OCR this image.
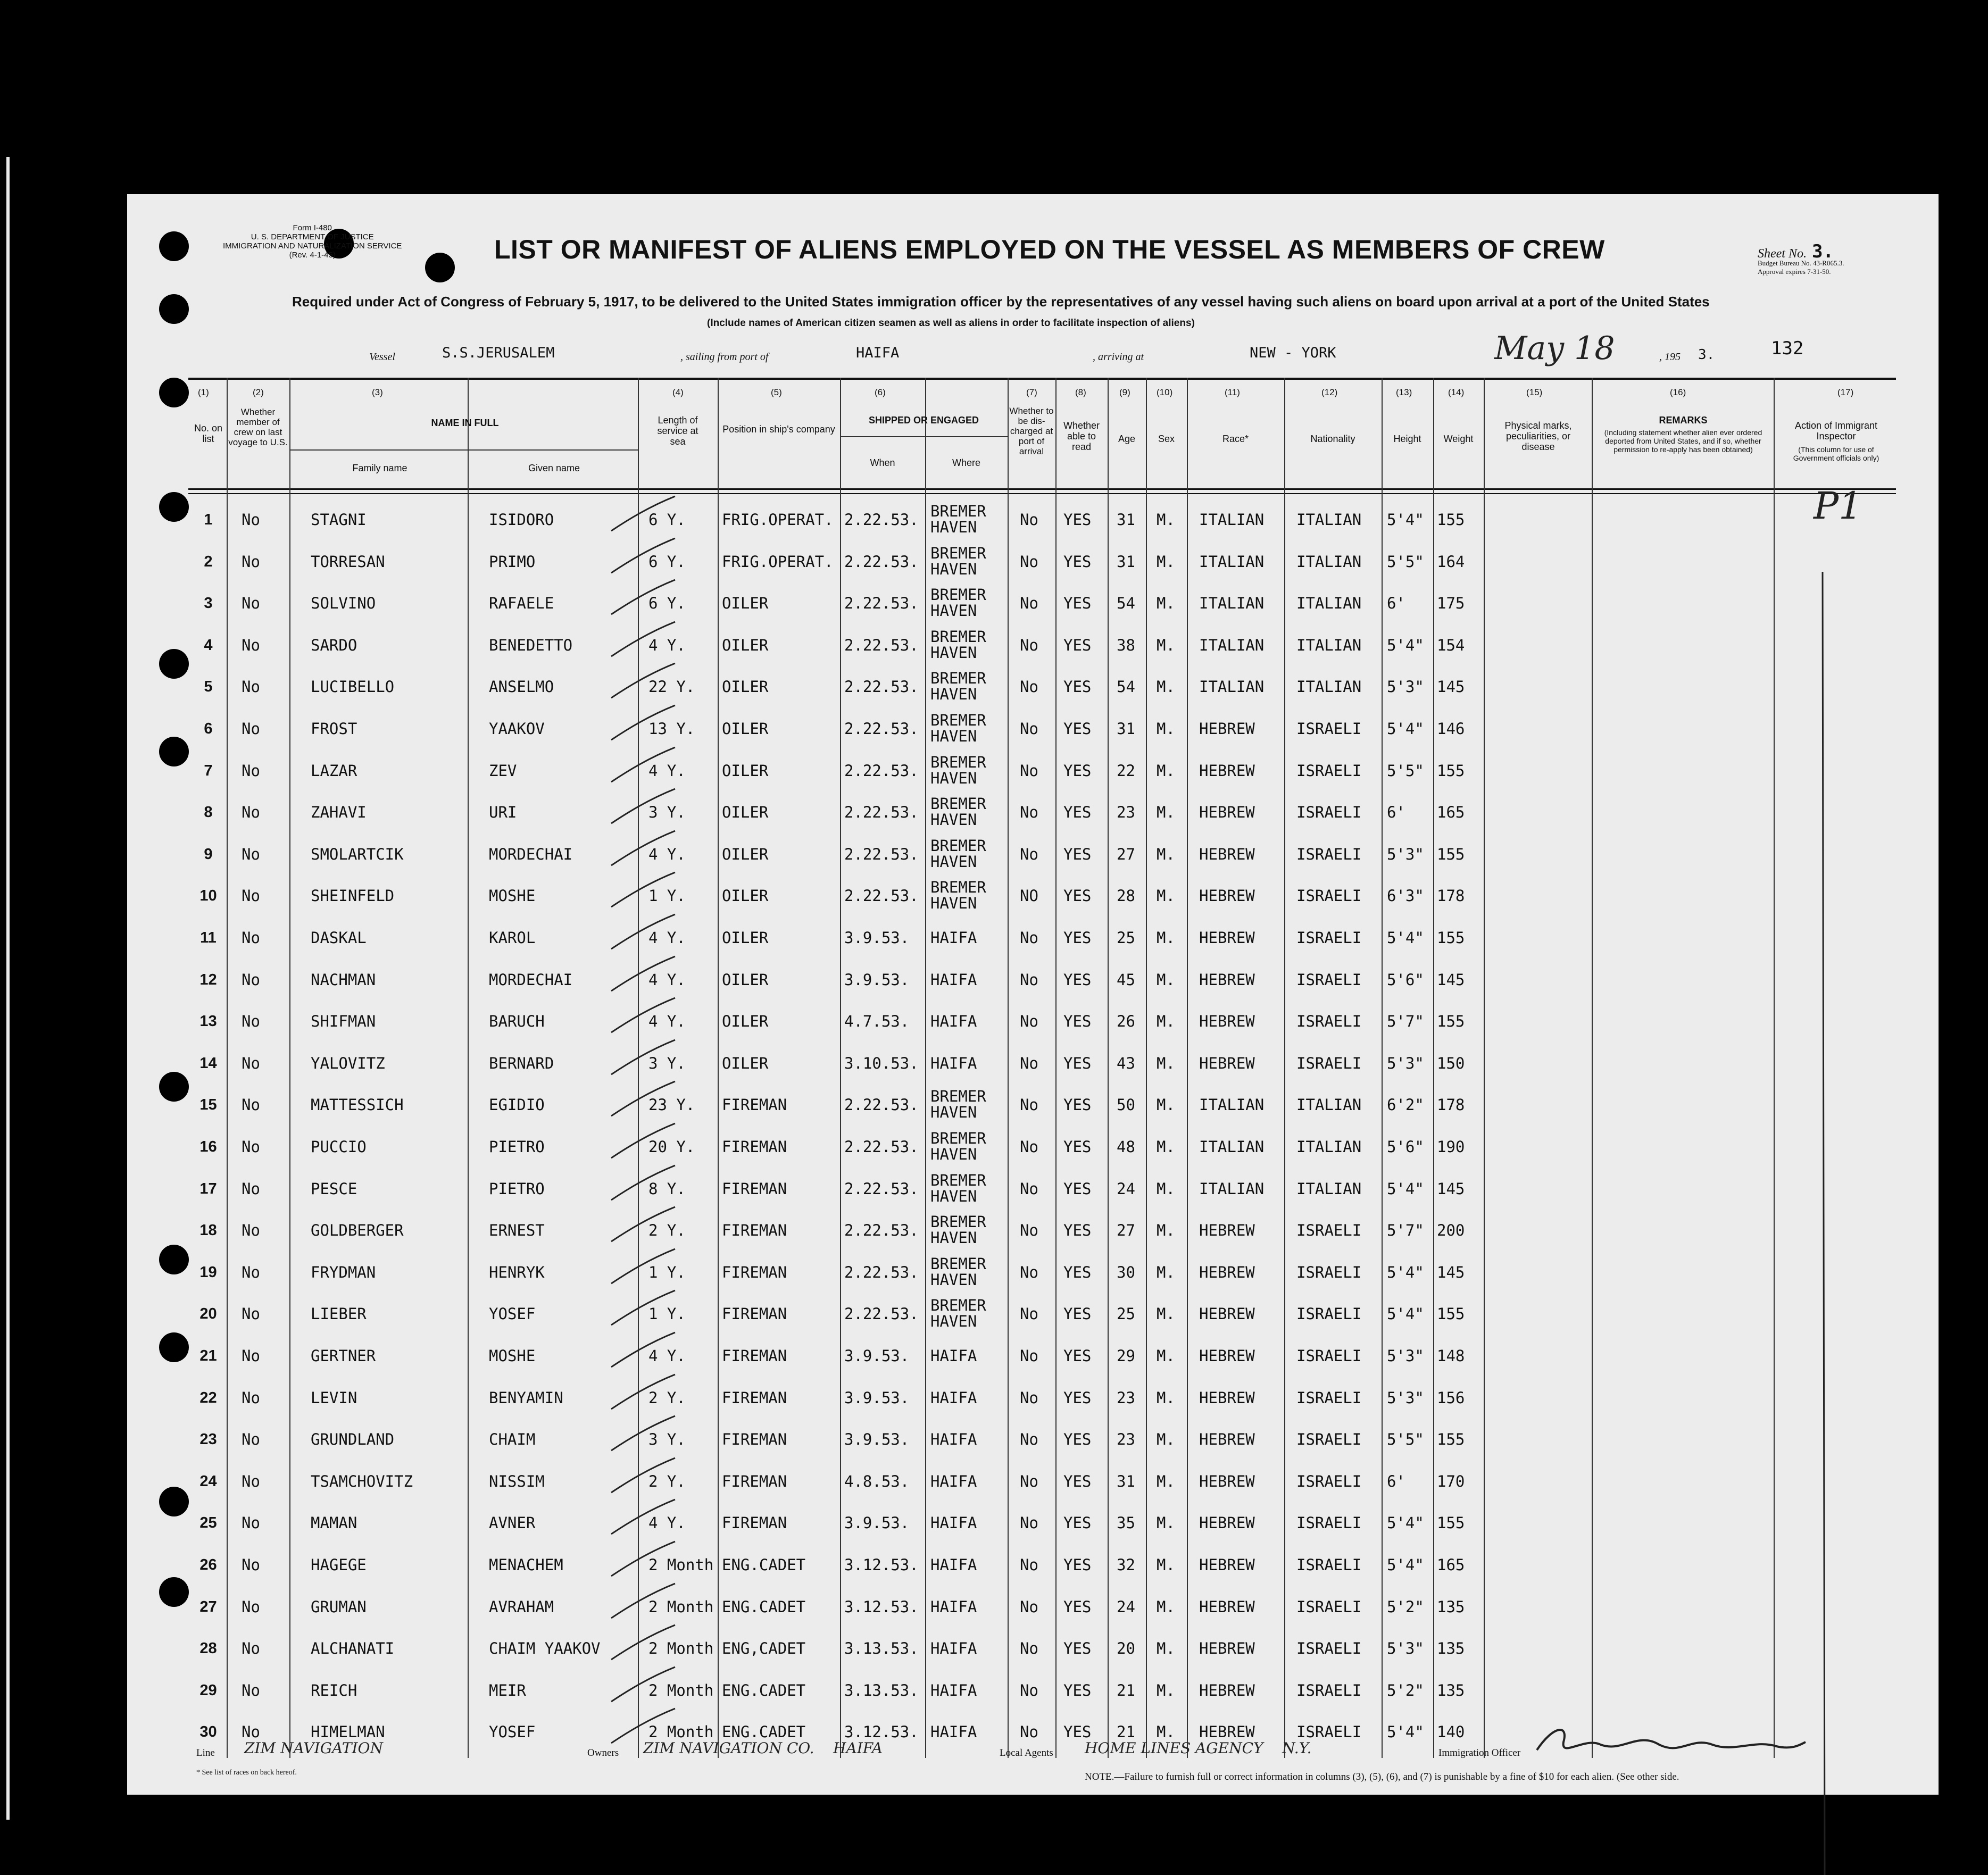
Form I-480
U. S. DEPARTMENT OF JUSTICE
IMMIGRATION AND NATURALIZATION SERVICE
(Rev. 4-1-45)	LIST OR MANIFEST OF ALIENS EMPLOYED ON THE VESSEL AS MEMBERS OF CREW	Sheet No. 3.
Budget Bureau No. 43-R065.3.
Approval expires 7-31-50.
Required under Act of Congress of February 5, 1917, to be delivered to the United States immigration officer by the representatives of any vessel having such aliens on board upon arrival at a port of the United States
(Include names of American citizen seamen as well as aliens in order to facilitate inspection of aliens)
Vessel	S.S.JERUSALEM	, sailing from port of	HAIFA	, arriving at	NEW - YORK	May 18	, 195 3.	132
(1)	(2)	(3)	(4)	(5)	(6)	(7)	(8)	(9)	(10)	(11)	(12)	(13)	(14)	(15)	(16)	(17)
No. on list
Whether member of crew on last voyage to U.S.
NAME IN FULL
Family name	Given name
Length of service at sea
Position in ship's company
SHIPPED OR ENGAGED
When	Where
Whether to be dis-charged at port of arrival
Whether able to read
Age	Sex	Race*	Nationality	Height	Weight
Physical marks, peculiarities, or disease
REMARKS
(Including statement whether alien ever ordered deported from United States, and if so, whether permission to re-apply has been obtained)
Action of Immigrant Inspector
(This column for use of Government officials only)
P1
1	No	STAGNI	ISIDORO	6 Y.	FRIG.OPERAT. 2.22.53. BREMER HAVEN	No	YES	31	M.	ITALIAN	ITALIAN	5'4" 155
2	No	TORRESAN	PRIMO	6 Y.	FRIG.OPERAT. 2.22.53. BREMER HAVEN	No	YES	31	M.	ITALIAN	ITALIAN	5'5" 164
3	No	SOLVINO	RAFAELE	6 Y.	OILER	2.22.53. BREMER HAVEN	No	YES	54	M.	ITALIAN	ITALIAN	6'	175
4	No	SARDO	BENEDETTO	4 Y.	OILER	2.22.53. BREMER HAVEN	No	YES	38	M.	ITALIAN	ITALIAN	5'4" 154
5	No	LUCIBELLO	ANSELMO	22 Y.	OILER	2.22.53. BREMER HAVEN	No	YES	54	M.	ITALIAN	ITALIAN	5'3" 145
6	No	FROST	YAAKOV	13 Y.	OILER	2.22.53. BREMER HAVEN	No	YES	31	M.	HEBREW	ISRAELI	5'4" 146
7	No	LAZAR	ZEV	4 Y.	OILER	2.22.53. BREMER HAVEN	No	YES	22	M.	HEBREW	ISRAELI	5'5" 155
8	No	ZAHAVI	URI	3 Y.	OILER	2.22.53. BREMER HAVEN	No	YES	23	M.	HEBREW	ISRAELI	6'	165
9	No	SMOLARTCIK	MORDECHAI	4 Y.	OILER	2.22.53. BREMER HAVEN	No	YES	27	M.	HEBREW	ISRAELI	5'3" 155
10	No	SHEINFELD	MOSHE	1 Y.	OILER	2.22.53. BREMER HAVEN	NO	YES	28	M.	HEBREW	ISRAELI	6'3" 178
11	No	DASKAL	KAROL	4 Y.	OILER	3.9.53.	HAIFA	No	YES	25	M.	HEBREW	ISRAELI	5'4" 155
12	No	NACHMAN	MORDECHAI	4 Y.	OILER	3.9.53.	HAIFA	No	YES	45	M.	HEBREW	ISRAELI	5'6" 145
13	No	SHIFMAN	BARUCH	4 Y.	OILER	4.7.53.	HAIFA	No	YES	26	M.	HEBREW	ISRAELI	5'7" 155
14	No	YALOVITZ	BERNARD	3 Y.	OILER	3.10.53. HAIFA	No	YES	43	M.	HEBREW	ISRAELI	5'3" 150
15	No	MATTESSICH	EGIDIO	23 Y.	FIREMAN	2.22.53. BREMER HAVEN	No	YES	50	M.	ITALIAN	ITALIAN	6'2" 178
16	No	PUCCIO	PIETRO	20 Y.	FIREMAN	2.22.53. BREMER HAVEN	No	YES	48	M.	ITALIAN	ITALIAN	5'6" 190
17	No	PESCE	PIETRO	8 Y.	FIREMAN	2.22.53. BREMER HAVEN	No	YES	24	M.	ITALIAN	ITALIAN	5'4" 145
18	No	GOLDBERGER	ERNEST	2 Y.	FIREMAN	2.22.53. BREMER HAVEN	No	YES	27	M.	HEBREW	ISRAELI	5'7" 200
19	No	FRYDMAN	HENRYK	1 Y.	FIREMAN	2.22.53. BREMER HAVEN	No	YES	30	M.	HEBREW	ISRAELI	5'4" 145
20	No	LIEBER	YOSEF	1 Y.	FIREMAN	2.22.53. BREMER HAVEN	No	YES	25	M.	HEBREW	ISRAELI	5'4" 155
21	No	GERTNER	MOSHE	4 Y.	FIREMAN	3.9.53.	HAIFA	No	YES	29	M.	HEBREW	ISRAELI	5'3" 148
22	No	LEVIN	BENYAMIN	2 Y.	FIREMAN	3.9.53.	HAIFA	No	YES	23	M.	HEBREW	ISRAELI	5'3" 156
23	No	GRUNDLAND	CHAIM	3 Y.	FIREMAN	3.9.53.	HAIFA	No	YES	23	M.	HEBREW	ISRAELI	5'5" 155
24	No	TSAMCHOVITZ	NISSIM	2 Y.	FIREMAN	4.8.53.	HAIFA	No	YES	31	M.	HEBREW	ISRAELI	6'	170
25	No	MAMAN	AVNER	4 Y.	FIREMAN	3.9.53.	HAIFA	No	YES	35	M.	HEBREW	ISRAELI	5'4" 155
26	No	HAGEGE	MENACHEM	2 Month ENG.CADET	3.12.53. HAIFA	No	YES	32	M.	HEBREW	ISRAELI	5'4" 165
27	No	GRUMAN	AVRAHAM	2 Month ENG.CADET	3.12.53. HAIFA	No	YES	24	M.	HEBREW	ISRAELI	5'2" 135
28	No	ALCHANATI	CHAIM YAAKOV	2 Month ENG,CADET	3.13.53. HAIFA	No	YES	20	M.	HEBREW	ISRAELI	5'3" 135
29	No	REICH	MEIR	2 Month ENG.CADET	3.13.53. HAIFA	No	YES	21	M.	HEBREW	ISRAELI	5'2" 135
30	No	HIMELMAN	YOSEF	2 Month ENG.CADET	3.12.53. HAIFA	No	YES	21	M.	HEBREW	ISRAELI	5'4" 140
Line ZIM NAVIGATION	Owners ZIM NAVIGATION CO.    HAIFA	Local Agents HOME LINES AGENCY    N.Y.	Immigration Officer
* See list of races on back hereof.	NOTE.—Failure to furnish full or correct information in columns (3), (5), (6), and (7) is punishable by a fine of $10 for each alien. (See other side.
